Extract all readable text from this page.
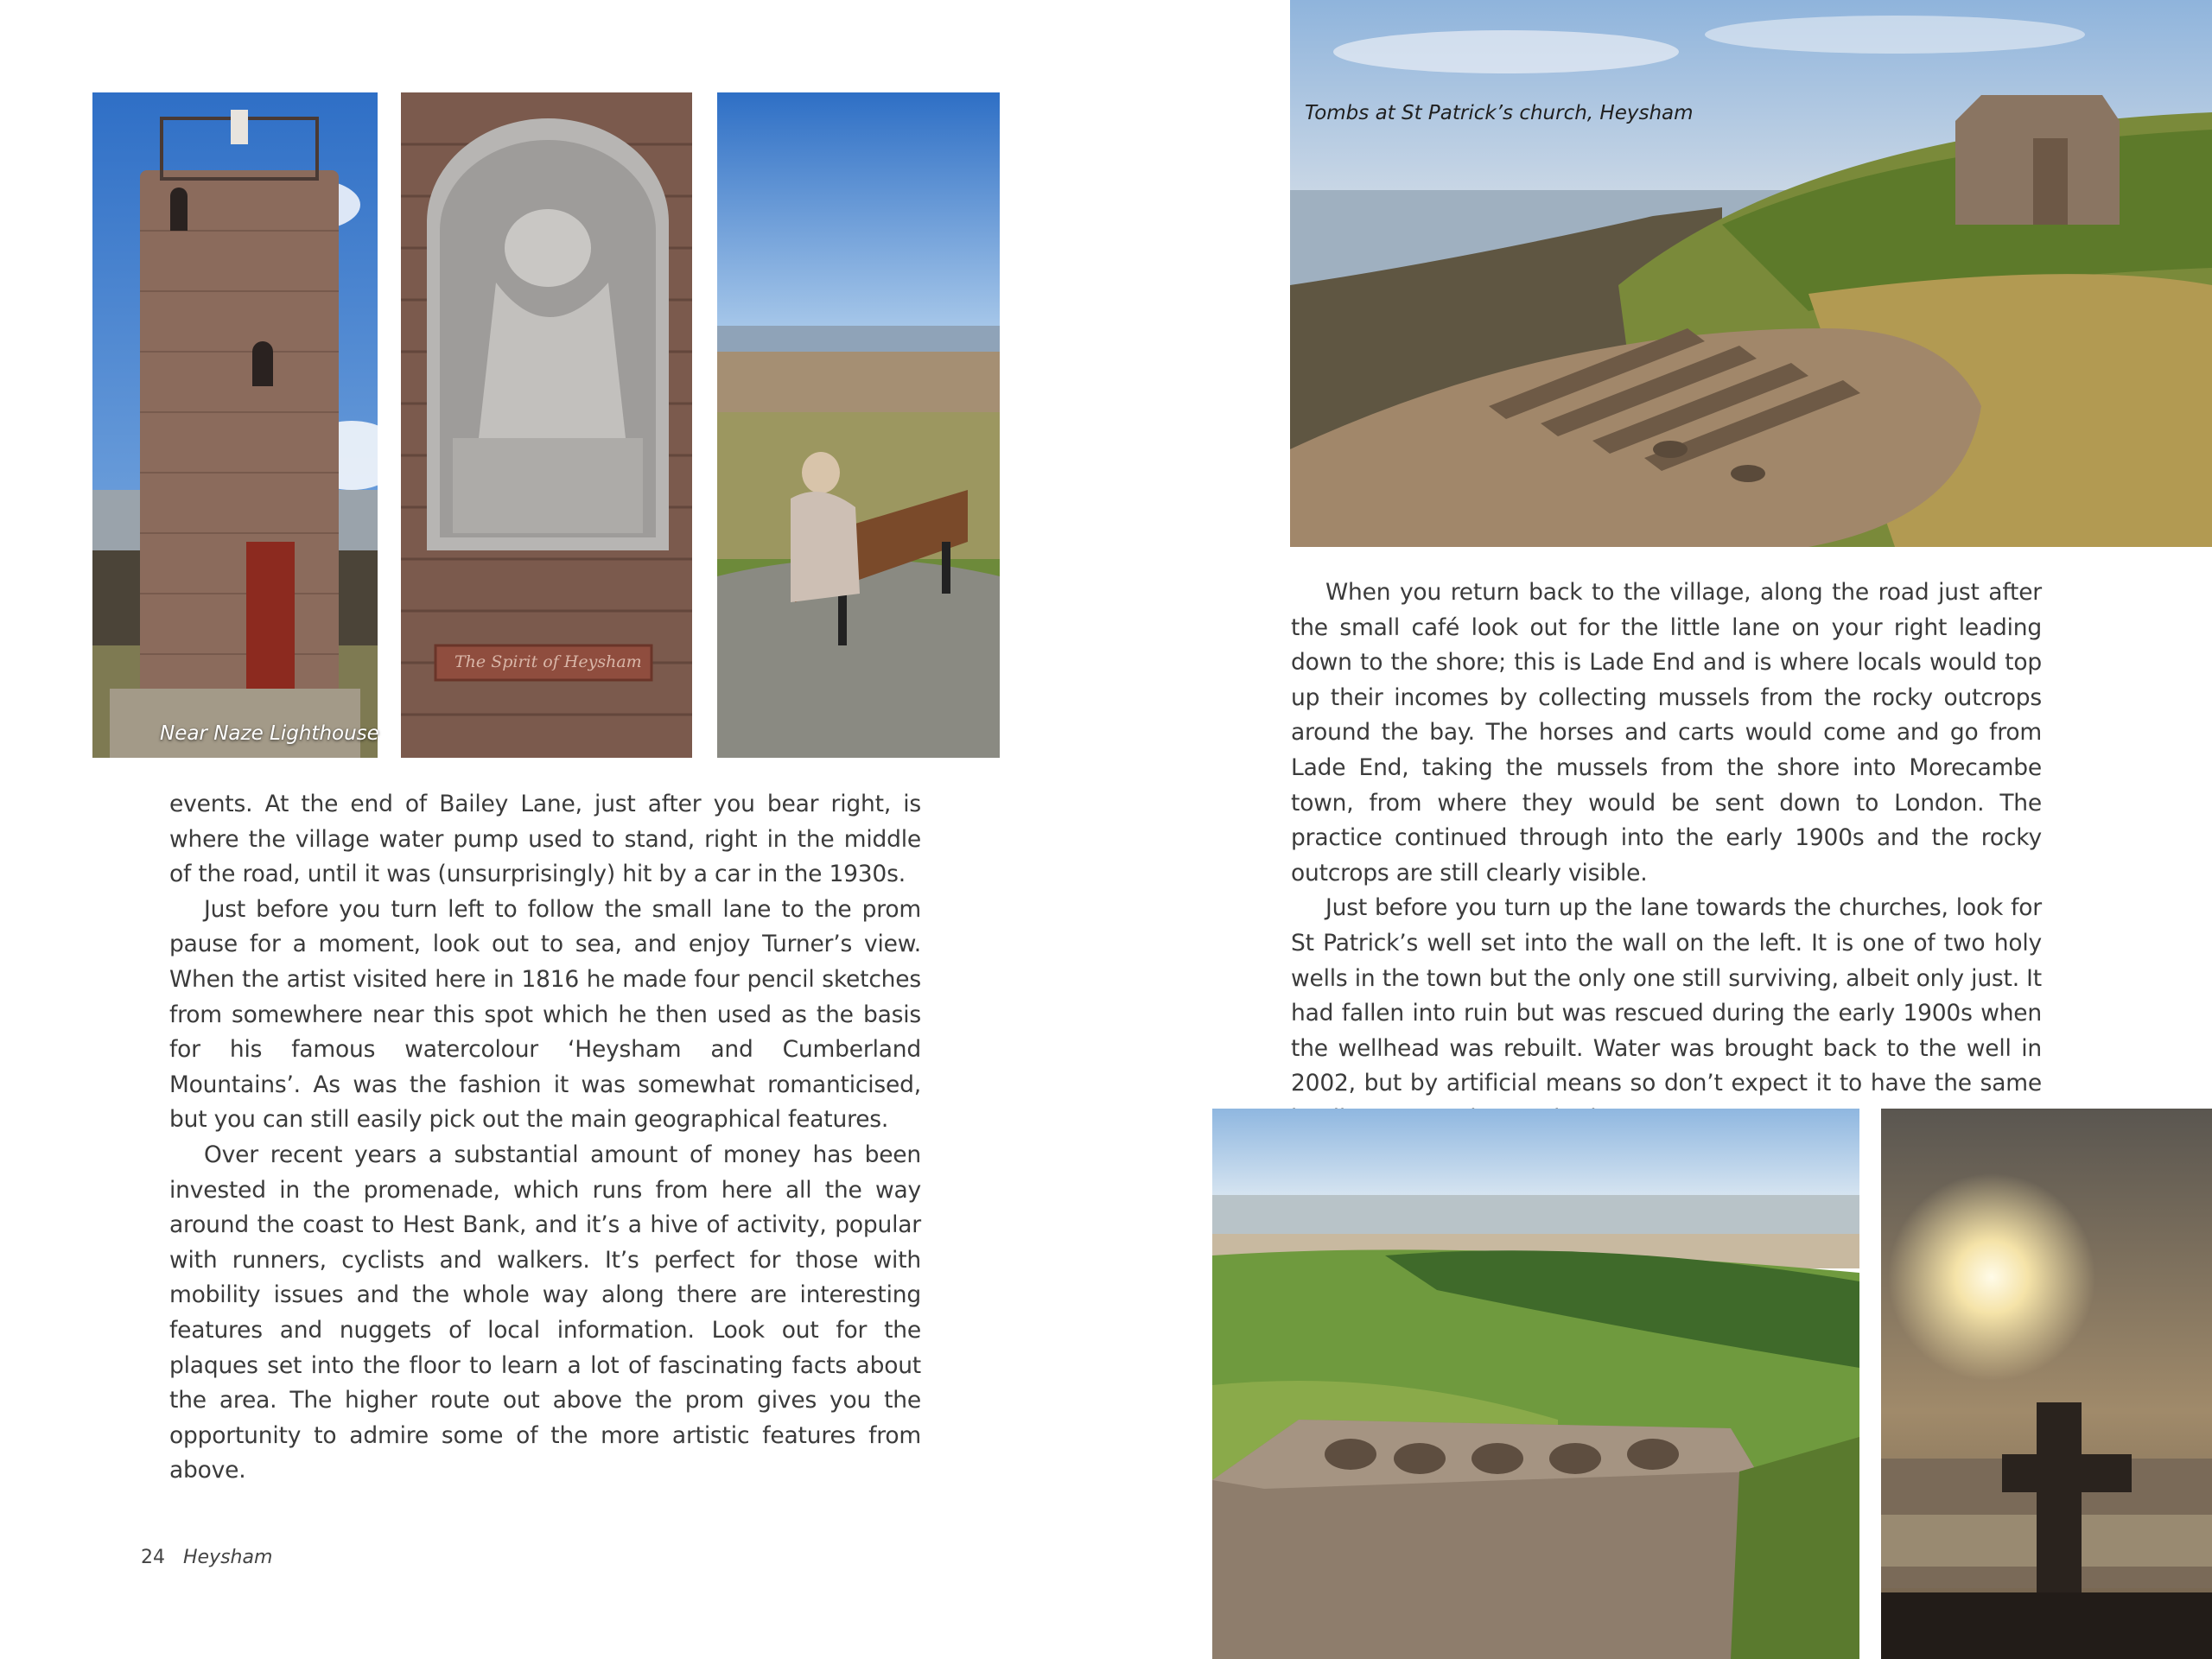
The Spirit of Heysham
Near Naze Lighthouse

events. At the end of Bailey Lane, just after you bear right, is where the village water pump used to stand, right in the middle of the road, until it was (unsurprisingly) hit by a car in the 1930s.

Just before you turn left to follow the small lane to the prom pause for a moment, look out to sea, and enjoy Turner’s view. When the artist visited here in 1816 he made four pencil sketches from somewhere near this spot which he then used as the basis for his famous watercolour ‘Heysham and Cumberland Mountains’. As was the fashion it was somewhat romanticised, but you can still easily pick out the main geographical features.

Over recent years a substantial amount of money has been invested in the promenade, which runs from here all the way around the coast to Hest Bank, and it’s a hive of activity, popular with runners, cyclists and walkers. It’s perfect for those with mobility issues and the whole way along there are interesting features and nuggets of local information. Look out for the plaques set into the floor to learn a lot of fascinating facts about the area. The higher route out above the prom gives you the opportunity to admire some of the more artistic features from above.

24 Heysham
Tombs at St Patrick’s church, Heysham

When you return back to the village, along the road just after the small café look out for the little lane on your right leading down to the shore; this is Lade End and is where locals would top up their incomes by collecting mussels from the rocky outcrops around the bay. The horses and carts would come and go from Lade End, taking the mussels from the shore into Morecambe town, from where they would be sent down to London. The practice continued through into the early 1900s and the rocky outcrops are still clearly visible.

Just before you turn up the lane towards the churches, look for St Patrick’s well set into the wall on the left. It is one of two holy wells in the town but the only one still surviving, albeit only just. It had fallen into ruin but was rescued during the early 1900s when the wellhead was rebuilt. Water was brought back to the well in 2002, but by artificial means so don’t expect it to have the same
